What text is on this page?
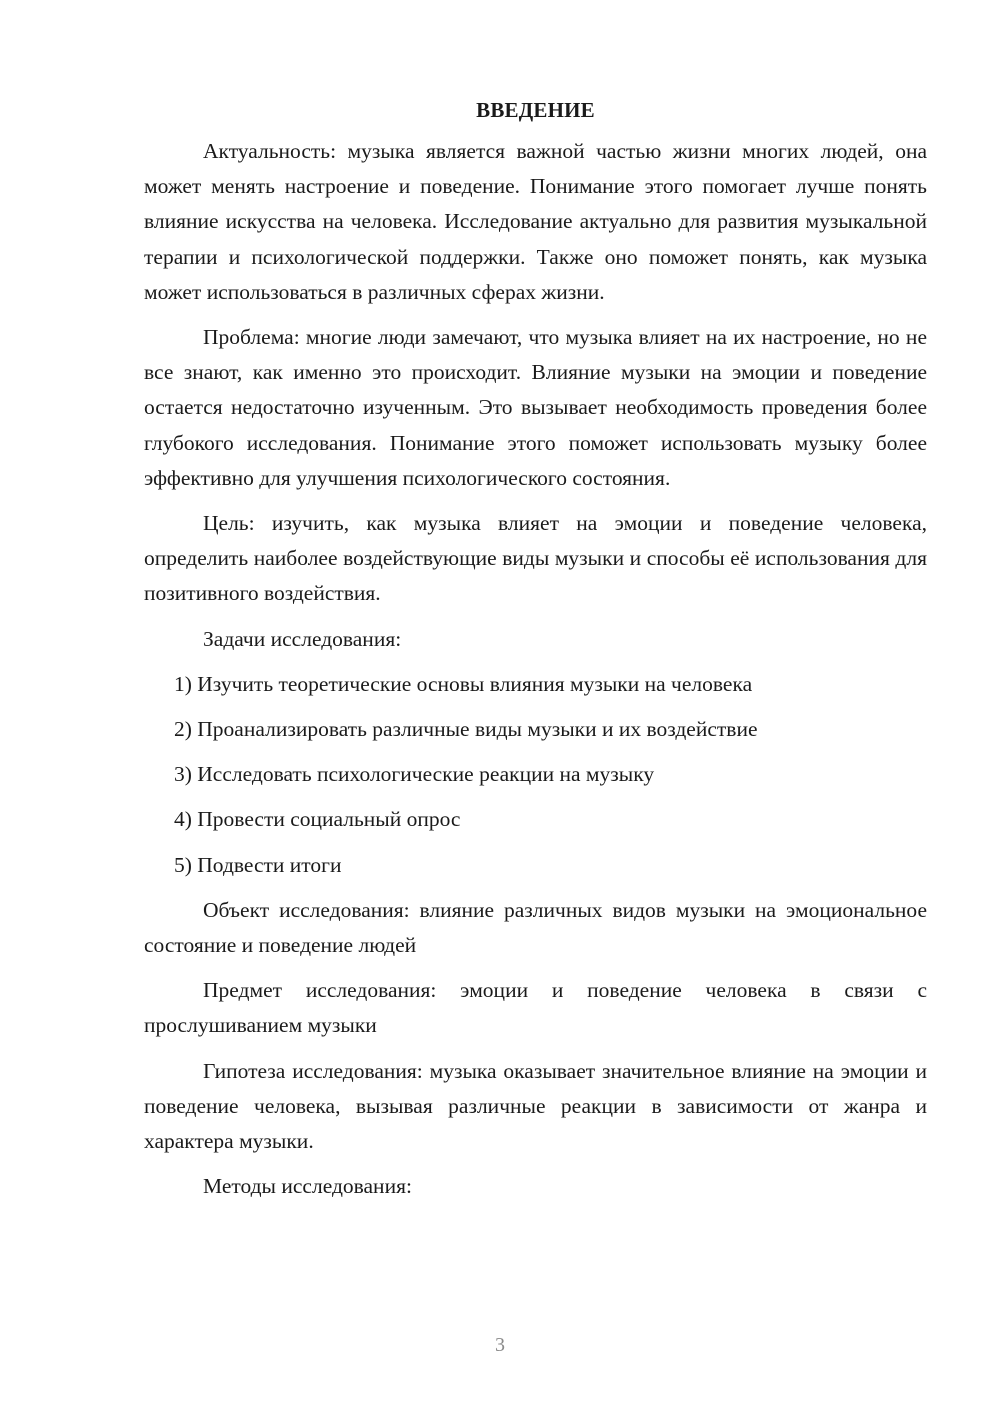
ВВЕДЕНИЕ

Актуальность: музыка является важной частью жизни многих людей, она может менять настроение и поведение. Понимание этого помогает лучше понять влияние искусства на человека. Исследование актуально для развития музыкальной терапии и психологической поддержки. Также оно поможет понять, как музыка может использоваться в различных сферах жизни.

Проблема: многие люди замечают, что музыка влияет на их настроение, но не все знают, как именно это происходит. Влияние музыки на эмоции и поведение остается недостаточно изученным. Это вызывает необходимость проведения более глубокого исследования. Понимание этого поможет использовать музыку более эффективно для улучшения психологического состояния.

Цель: изучить, как музыка влияет на эмоции и поведение человека, определить наиболее воздействующие виды музыки и способы её использования для позитивного воздействия.

Задачи исследования:

1) Изучить теоретические основы влияния музыки на человека
2) Проанализировать различные виды музыки и их воздействие
3) Исследовать психологические реакции на музыку
4) Провести социальный опрос
5) Подвести итоги

Объект исследования: влияние различных видов музыки на эмоциональное состояние и поведение людей

Предмет исследования: эмоции и поведение человека в связи с прослушиванием музыки

Гипотеза исследования: музыка оказывает значительное влияние на эмоции и поведение человека, вызывая различные реакции в зависимости от жанра и характера музыки.

Методы исследования:

3
